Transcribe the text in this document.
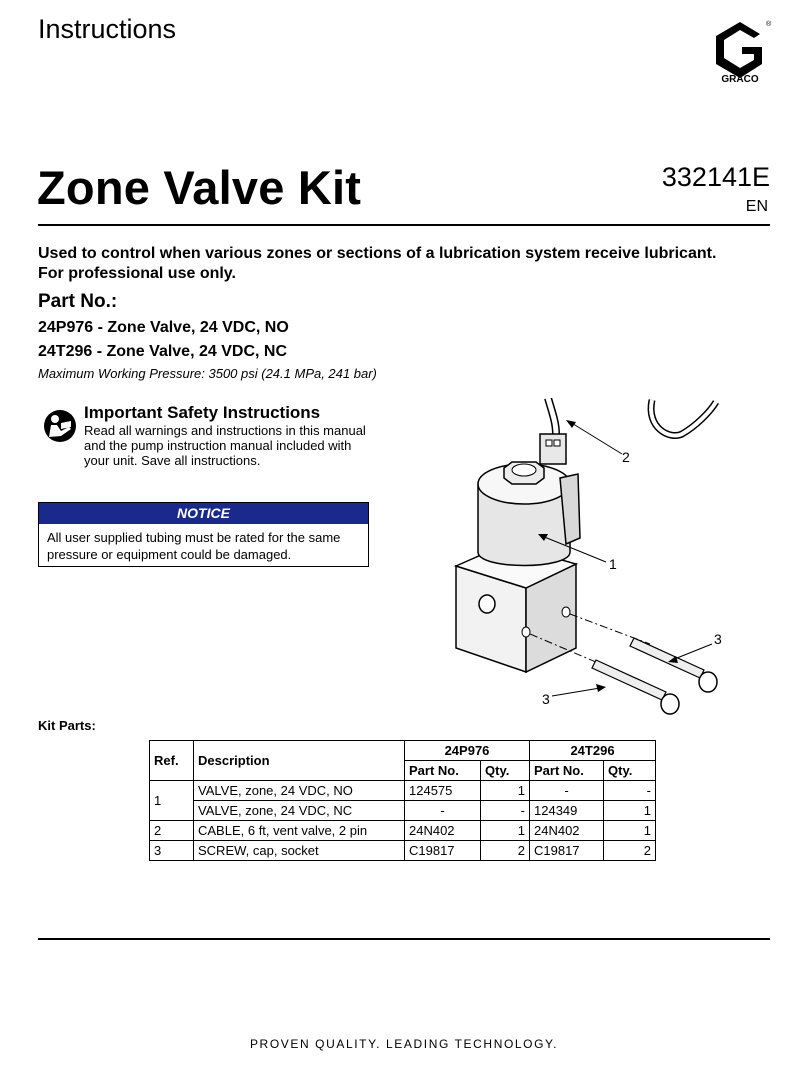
Instructions
GRACO
®
Zone Valve Kit	332141E
EN
Used to control when various zones or sections of a lubrication system receive lubricant.
For professional use only.
Part No.:
24P976 - Zone Valve, 24 VDC, NO
24T296 - Zone Valve, 24 VDC, NC
Maximum Working Pressure: 3500 psi (24.1 MPa, 241 bar)
Important Safety Instructions
Read all warnings and instructions in this manual and the pump instruction manual included with your unit. Save all instructions.
NOTICE
All user supplied tubing must be rated for the same pressure or equipment could be damaged.
2
1
3
3
Kit Parts:
Ref.	Description	24P976		24T296	
		Part No.	Qty.	Part No.	Qty.
1	VALVE, zone, 24 VDC, NO	124575	1	-	-
	VALVE, zone, 24 VDC, NC	-	-	124349	1
2	CABLE, 6 ft, vent valve, 2 pin	24N402	1	24N402	1
3	SCREW, cap, socket	C19817	2	C19817	2
PROVEN QUALITY. LEADING TECHNOLOGY.
